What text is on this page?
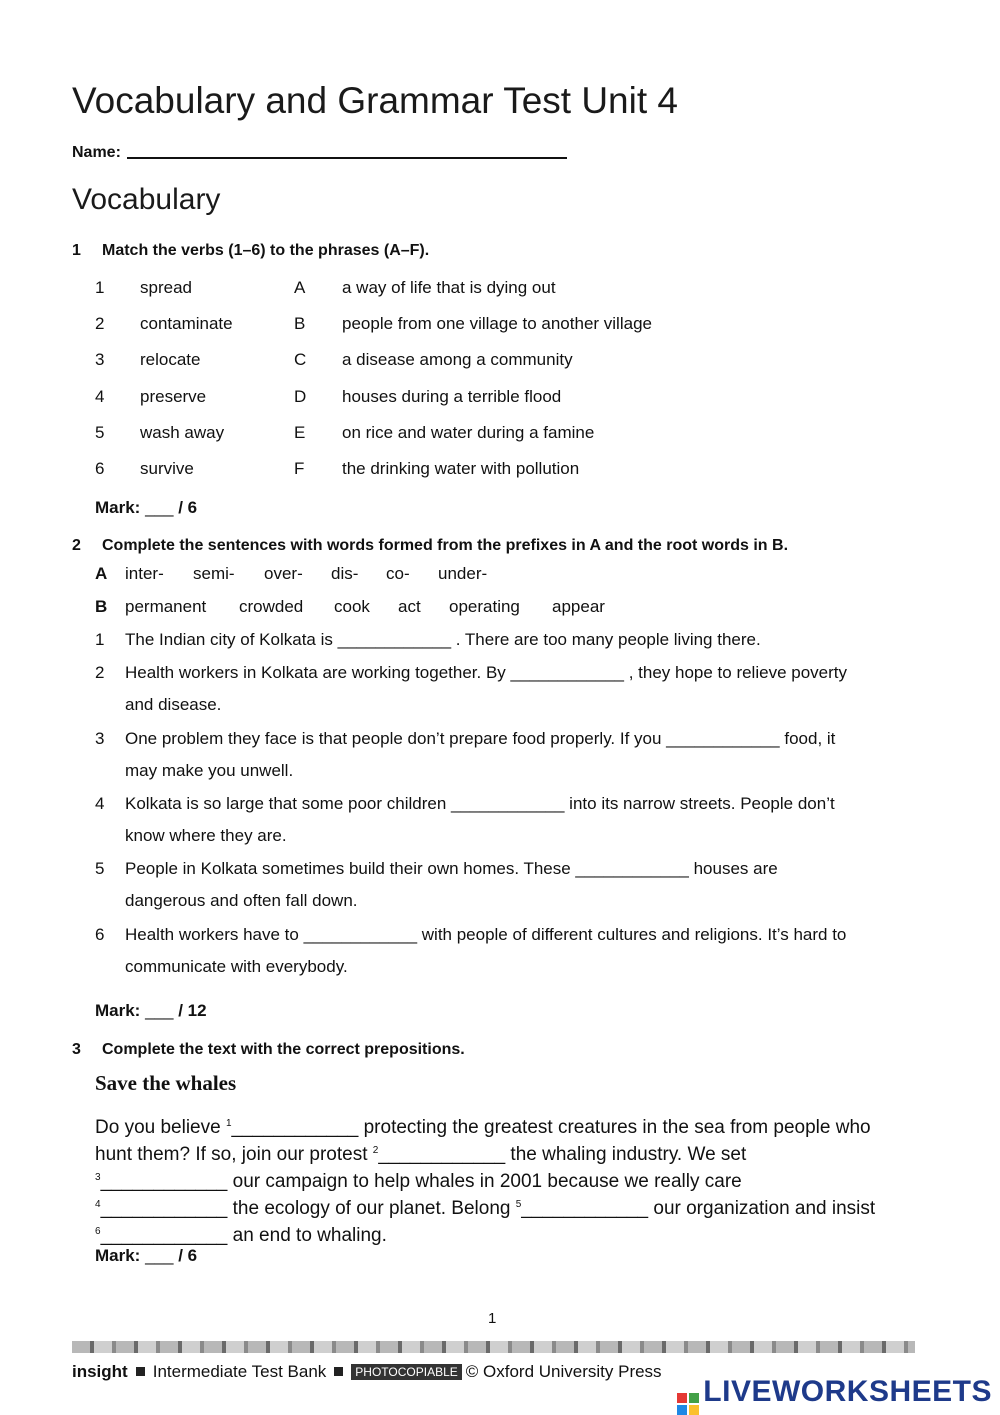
Vocabulary and Grammar Test Unit 4
Name:
Vocabulary
1 Match the verbs (1–6) to the phrases (A–F).
1 spread	A a way of life that is dying out
2 contaminate	B people from one village to another village
3 relocate	C a disease among a community
4 preserve	D houses during a terrible flood
5 wash away	E on rice and water during a famine
6 survive	F the drinking water with pollution
Mark: ___ / 6
2 Complete the sentences with words formed from the prefixes in A and the root words in B.
A inter- semi- over- dis- co- under-
B permanent crowded cook act operating appear
1 The Indian city of Kolkata is ____________ . There are too many people living there.
2 Health workers in Kolkata are working together. By ____________ , they hope to relieve poverty
and disease.
3 One problem they face is that people don’t prepare food properly. If you ____________ food, it
may make you unwell.
4 Kolkata is so large that some poor children ____________ into its narrow streets. People don’t
know where they are.
5 People in Kolkata sometimes build their own homes. These ____________ houses are
dangerous and often fall down.
6 Health workers have to ____________ with people of different cultures and religions. It’s hard to
communicate with everybody.
Mark: ___ / 12
3 Complete the text with the correct prepositions.
Save the whales
Do you believe $^1$____________ protecting the greatest creatures in the sea from people who hunt them? If so, join our protest $^2$____________ the whaling industry. We set
$^3$____________ our campaign to help whales in 2001 because we really care
$^4$____________ the ecology of our planet. Belong $^5$____________ our organization and insist $^6$____________ an end to whaling.
Mark: ___ / 6
1
insight Intermediate Test Bank PHOTOCOPIABLE © Oxford University Press
LIVEWORKSHEETS
